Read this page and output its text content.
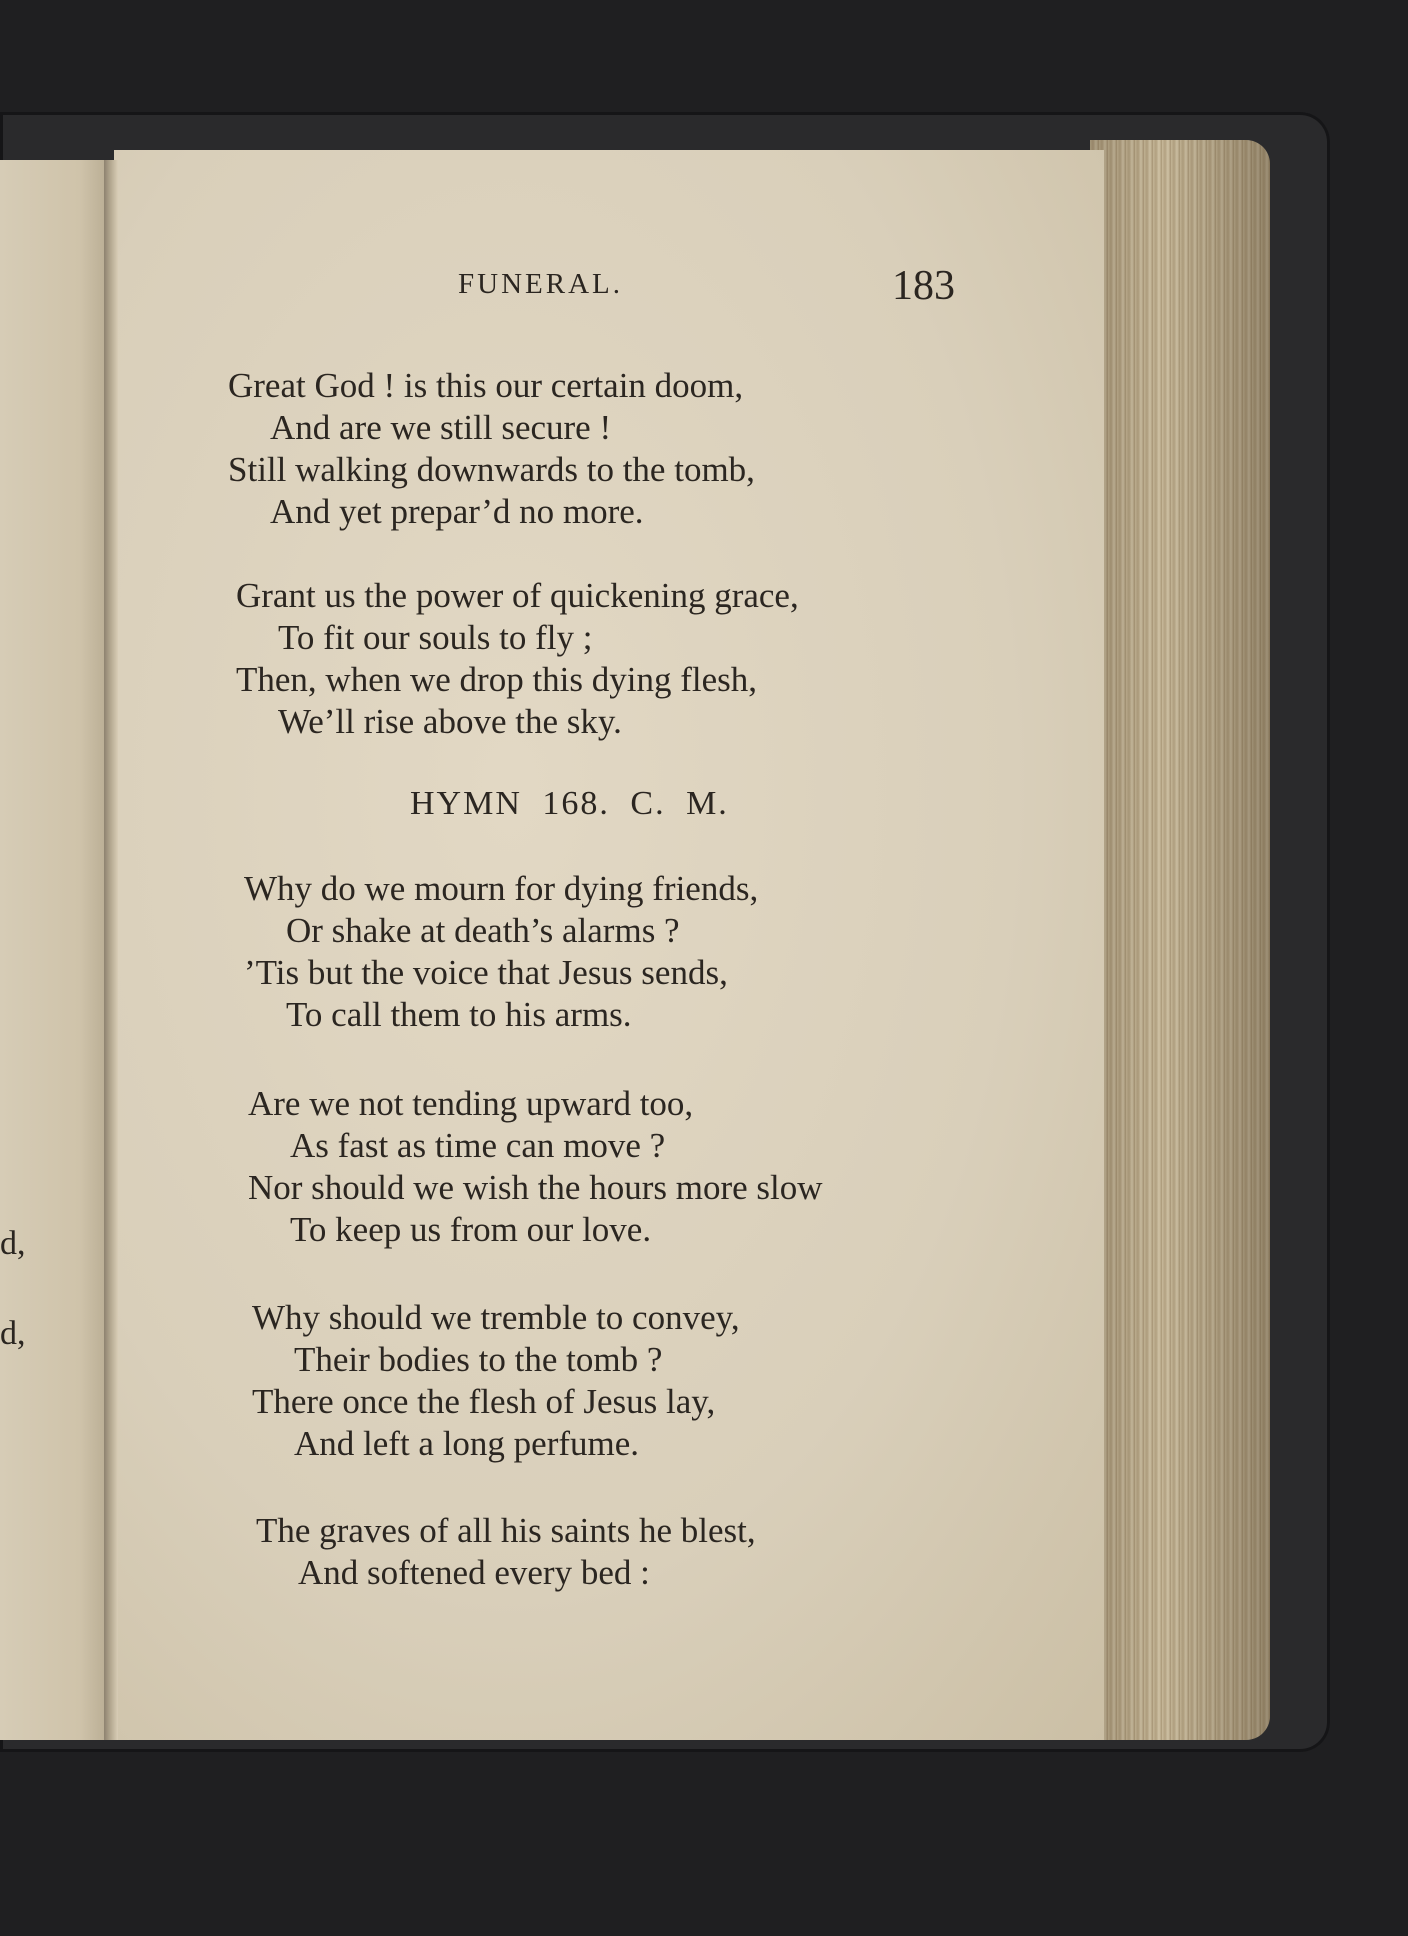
d,
d,
FUNERAL.	183
Great God ! is this our certain doom,
And are we still secure !
Still walking downwards to the tomb,
And yet prepar’d no more.
Grant us the power of quickening grace,
To fit our souls to fly ;
Then, when we drop this dying flesh,
We’ll rise above the sky.
HYMN 168. C. M.
Why do we mourn for dying friends,
Or shake at death’s alarms ?
’Tis but the voice that Jesus sends,
To call them to his arms.
Are we not tending upward too,
As fast as time can move ?
Nor should we wish the hours more slow
To keep us from our love.
Why should we tremble to convey,
Their bodies to the tomb ?
There once the flesh of Jesus lay,
And left a long perfume.
The graves of all his saints he blest,
And softened every bed :
